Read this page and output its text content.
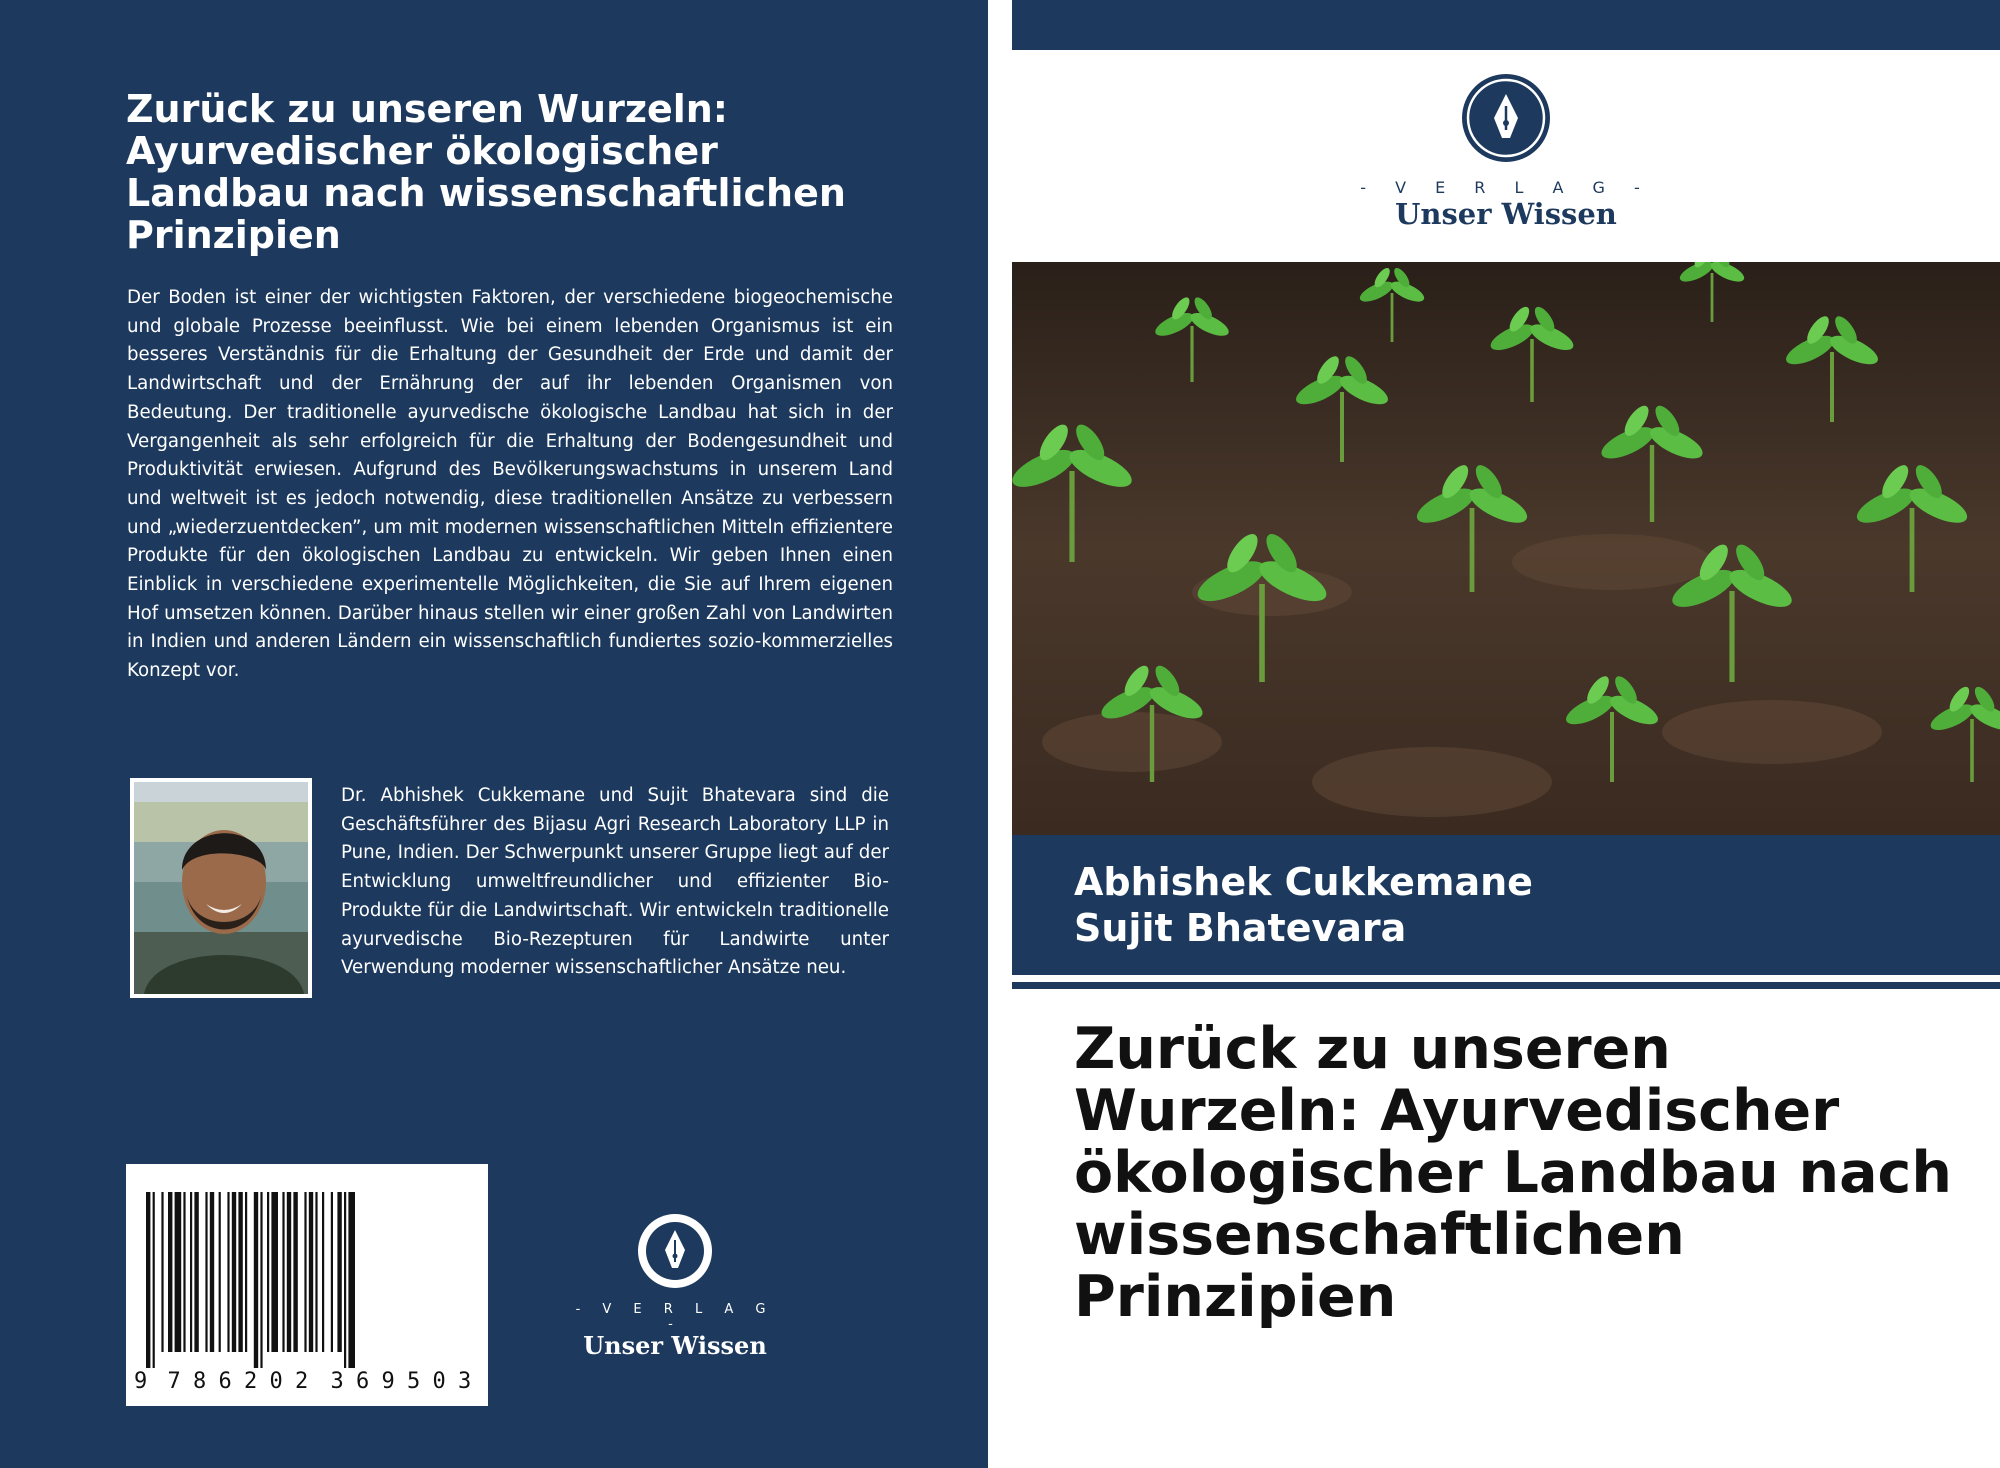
Zurück zu unseren Wurzeln: Ayurvedischer ökologischer Landbau nach wissenschaftlichen Prinzipien

Der Boden ist einer der wichtigsten Faktoren, der verschiedene biogeochemische und globale Prozesse beeinflusst. Wie bei einem lebenden Organismus ist ein besseres Verständnis für die Erhaltung der Gesundheit der Erde und damit der Landwirtschaft und der Ernährung der auf ihr lebenden Organismen von Bedeutung. Der traditionelle ayurvedische ökologische Landbau hat sich in der Vergangenheit als sehr erfolgreich für die Erhaltung der Bodengesundheit und Produktivität erwiesen. Aufgrund des Bevölkerungswachstums in unserem Land und weltweit ist es jedoch notwendig, diese traditionellen Ansätze zu verbessern und „wiederzuentdecken”, um mit modernen wissenschaftlichen Mitteln effizientere Produkte für den ökologischen Landbau zu entwickeln. Wir geben Ihnen einen Einblick in verschiedene experimentelle Möglichkeiten, die Sie auf Ihrem eigenen Hof umsetzen können. Darüber hinaus stellen wir einer großen Zahl von Landwirten in Indien und anderen Ländern ein wissenschaftlich fundiertes sozio-kommerzielles Konzept vor.

Dr. Abhishek Cukkemane und Sujit Bhatevara sind die Geschäftsführer des Bijasu Agri Research Laboratory LLP in Pune, Indien. Der Schwerpunkt unserer Gruppe liegt auf der Entwicklung umweltfreundlicher und effizienter Bio-Produkte für die Landwirtschaft. Wir entwickeln traditionelle ayurvedische Bio-Rezepturen für Landwirte unter Verwendung moderner wissenschaftlicher Ansätze neu.

9 7 8 6 2 0 2 3 6 9 5 0 3
- V E R L A G -
Unser Wissen
- V E R L A G -
Unser Wissen
Abhishek Cukkemane
Sujit Bhatevara
Zurück zu unseren Wurzeln: Ayurvedischer ökologischer Landbau nach wissenschaftlichen Prinzipien
